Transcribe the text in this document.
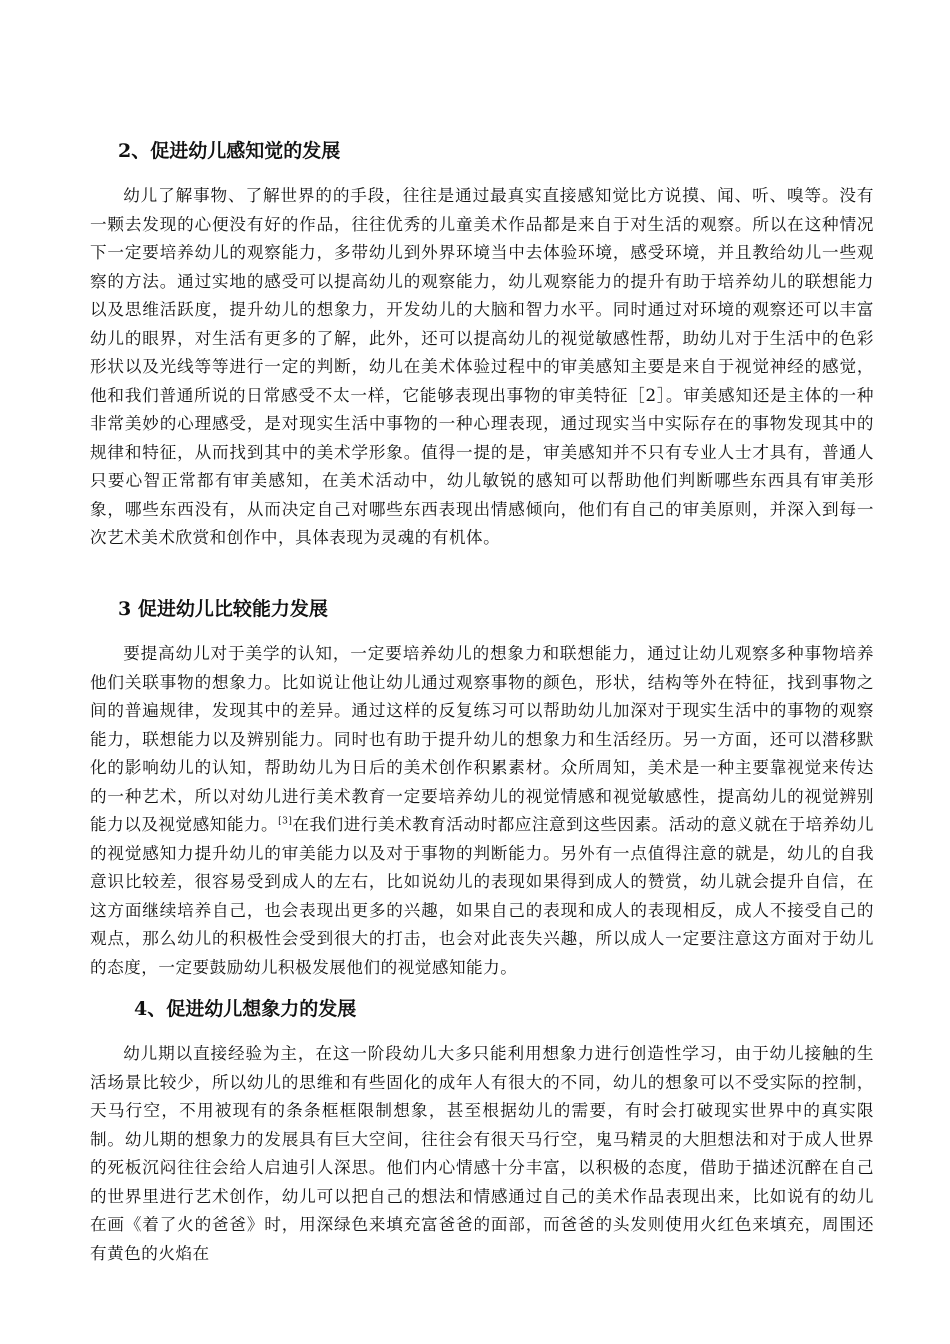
2、促进幼儿感知觉的发展

幼儿了解事物、了解世界的的手段，往往是通过最真实直接感知觉比方说摸、闻、听、嗅等。没有一颗去发现的心便没有好的作品，往往优秀的儿童美术作品都是来自于对生活的观察。所以在这种情况下一定要培养幼儿的观察能力，多带幼儿到外界环境当中去体验环境，感受环境，并且教给幼儿一些观察的方法。通过实地的感受可以提高幼儿的观察能力，幼儿观察能力的提升有助于培养幼儿的联想能力以及思维活跃度，提升幼儿的想象力，开发幼儿的大脑和智力水平。同时通过对环境的观察还可以丰富幼儿的眼界，对生活有更多的了解，此外，还可以提高幼儿的视觉敏感性帮，助幼儿对于生活中的色彩形状以及光线等等进行一定的判断，幼儿在美术体验过程中的审美感知主要是来自于视觉神经的感觉，他和我们普通所说的日常感受不太一样，它能够表现出事物的审美特征［2］。审美感知还是主体的一种非常美妙的心理感受，是对现实生活中事物的一种心理表现，通过现实当中实际存在的事物发现其中的规律和特征，从而找到其中的美术学形象。值得一提的是，审美感知并不只有专业人士才具有，普通人只要心智正常都有审美感知，在美术活动中，幼儿敏锐的感知可以帮助他们判断哪些东西具有审美形象，哪些东西没有，从而决定自己对哪些东西表现出情感倾向，他们有自己的审美原则，并深入到每一次艺术美术欣赏和创作中，具体表现为灵魂的有机体。

3 促进幼儿比较能力发展

要提高幼儿对于美学的认知，一定要培养幼儿的想象力和联想能力，通过让幼儿观察多种事物培养他们关联事物的想象力。比如说让他让幼儿通过观察事物的颜色，形状，结构等外在特征，找到事物之间的普遍规律，发现其中的差异。通过这样的反复练习可以帮助幼儿加深对于现实生活中的事物的观察能力，联想能力以及辨别能力。同时也有助于提升幼儿的想象力和生活经历。另一方面，还可以潜移默化的影响幼儿的认知，帮助幼儿为日后的美术创作积累素材。众所周知，美术是一种主要靠视觉来传达的一种艺术，所以对幼儿进行美术教育一定要培养幼儿的视觉情感和视觉敏感性，提高幼儿的视觉辨别能力以及视觉感知能力。[3]在我们进行美术教育活动时都应注意到这些因素。活动的意义就在于培养幼儿的视觉感知力提升幼儿的审美能力以及对于事物的判断能力。另外有一点值得注意的就是，幼儿的自我意识比较差，很容易受到成人的左右，比如说幼儿的表现如果得到成人的赞赏，幼儿就会提升自信，在这方面继续培养自己，也会表现出更多的兴趣，如果自己的表现和成人的表现相反，成人不接受自己的观点，那么幼儿的积极性会受到很大的打击，也会对此丧失兴趣，所以成人一定要注意这方面对于幼儿的态度，一定要鼓励幼儿积极发展他们的视觉感知能力。

4、促进幼儿想象力的发展

幼儿期以直接经验为主，在这一阶段幼儿大多只能利用想象力进行创造性学习，由于幼儿接触的生活场景比较少，所以幼儿的思维和有些固化的成年人有很大的不同，幼儿的想象可以不受实际的控制，天马行空，不用被现有的条条框框限制想象，甚至根据幼儿的需要，有时会打破现实世界中的真实限制。幼儿期的想象力的发展具有巨大空间，往往会有很天马行空，鬼马精灵的大胆想法和对于成人世界的死板沉闷往往会给人启迪引人深思。他们内心情感十分丰富，以积极的态度，借助于描述沉醉在自己的世界里进行艺术创作，幼儿可以把自己的想法和情感通过自己的美术作品表现出来，比如说有的幼儿在画《着了火的爸爸》时，用深绿色来填充富爸爸的面部，而爸爸的头发则使用火红色来填充，周围还有黄色的火焰在
